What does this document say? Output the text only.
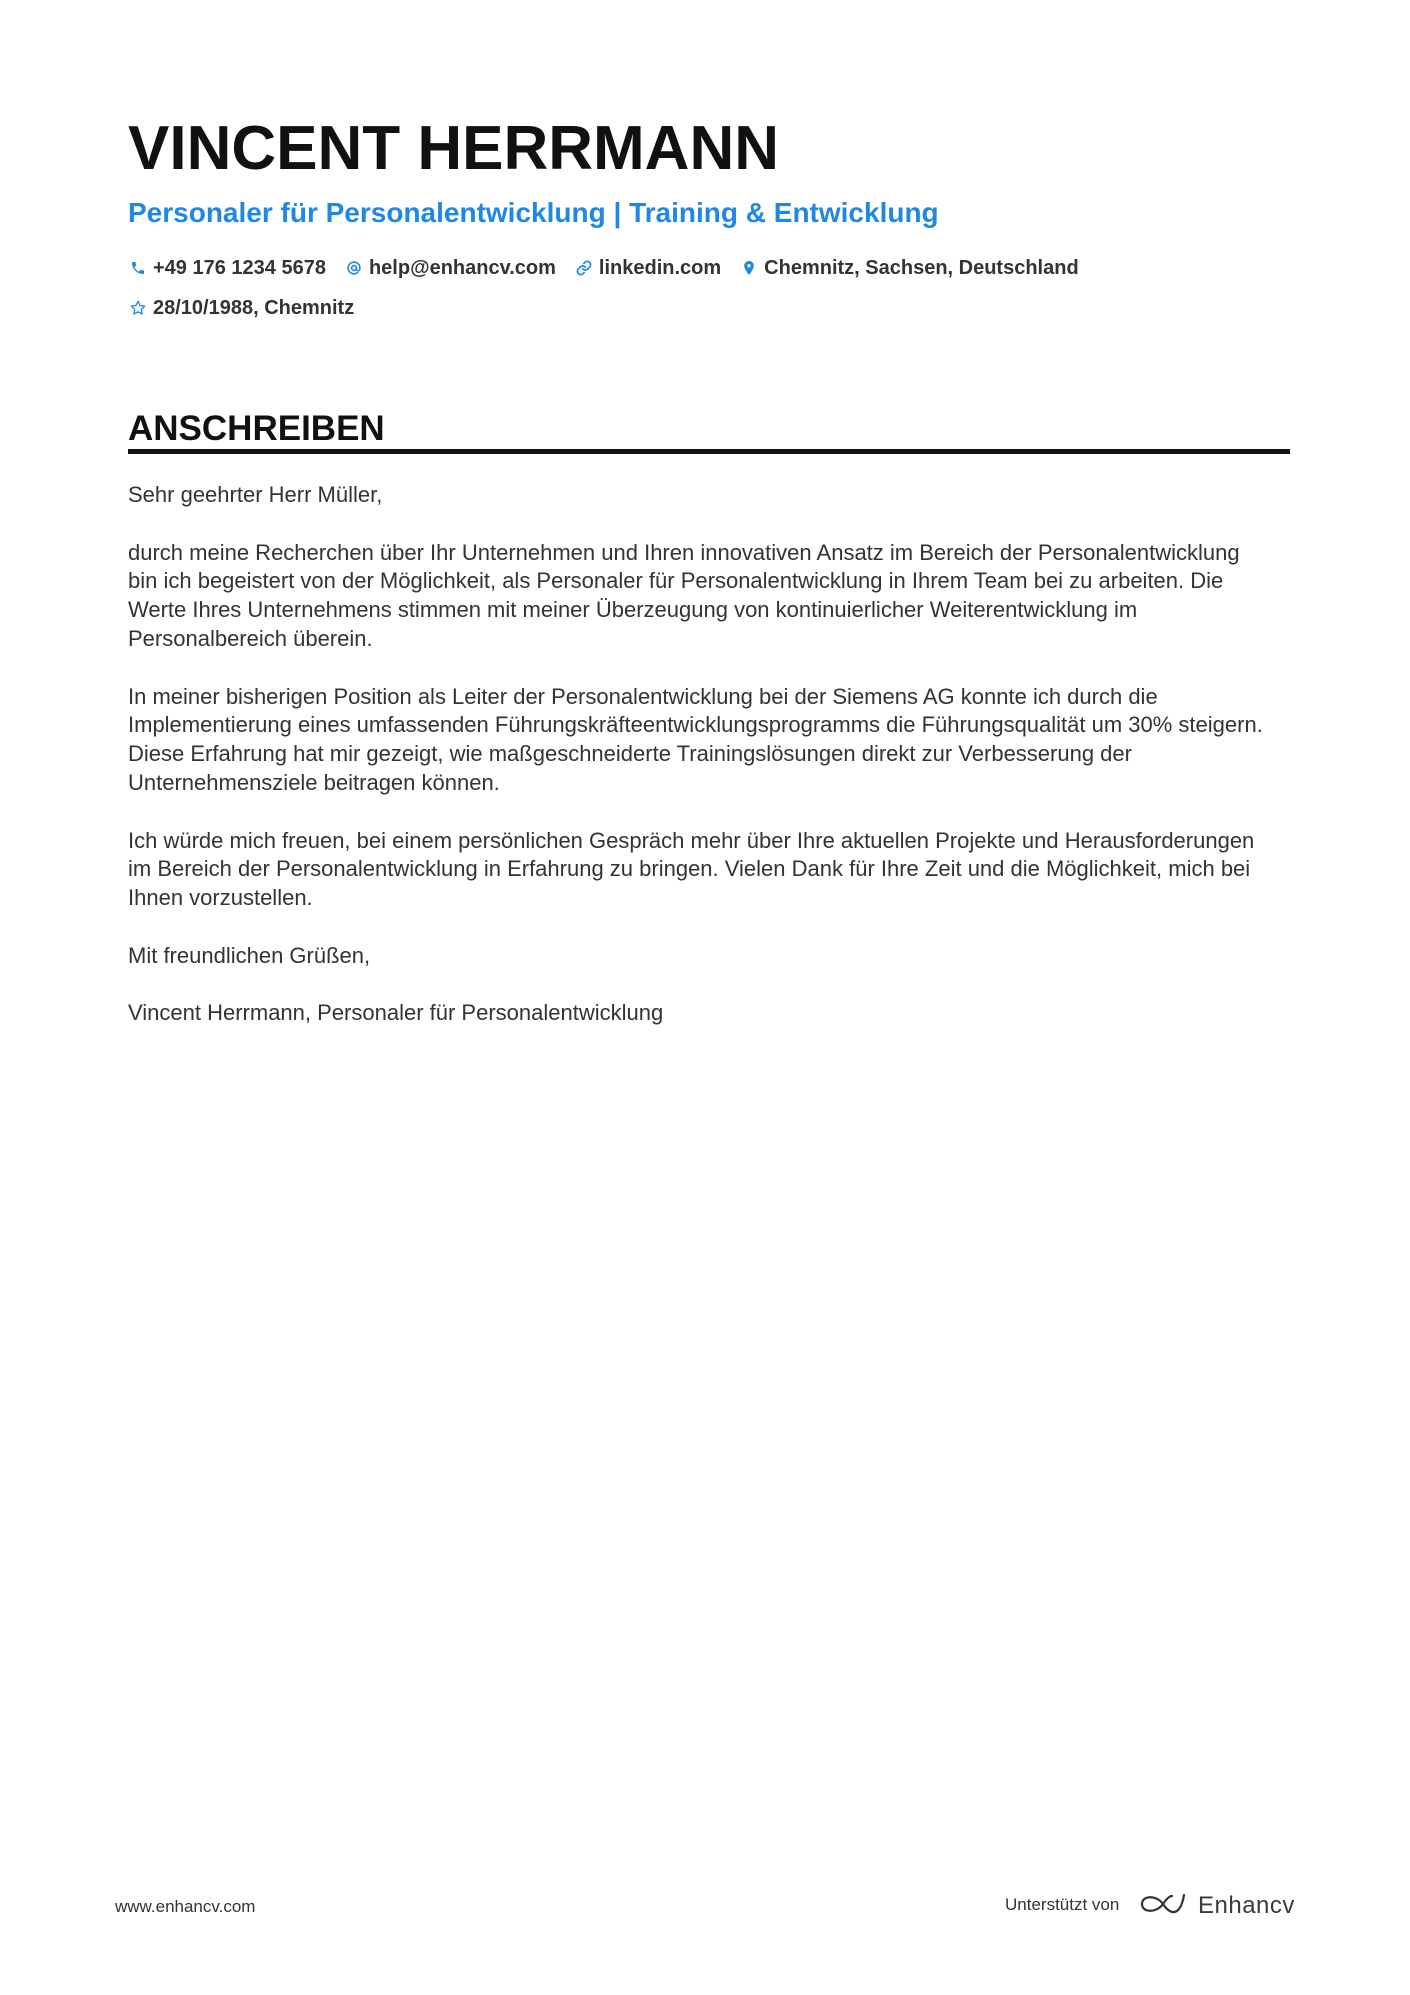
VINCENT HERRMANN
Personaler für Personalentwicklung | Training & Entwicklung
+49 176 1234 5678 help@enhancv.com linkedin.com Chemnitz, Sachsen, Deutschland
28/10/1988, Chemnitz
ANSCHREIBEN
Sehr geehrter Herr Müller,
durch meine Recherchen über Ihr Unternehmen und Ihren innovativen Ansatz im Bereich der Personalentwicklung
bin ich begeistert von der Möglichkeit, als Personaler für Personalentwicklung in Ihrem Team bei zu arbeiten. Die
Werte Ihres Unternehmens stimmen mit meiner Überzeugung von kontinuierlicher Weiterentwicklung im
Personalbereich überein.
In meiner bisherigen Position als Leiter der Personalentwicklung bei der Siemens AG konnte ich durch die
Implementierung eines umfassenden Führungskräfteentwicklungsprogramms die Führungsqualität um 30% steigern.
Diese Erfahrung hat mir gezeigt, wie maßgeschneiderte Trainingslösungen direkt zur Verbesserung der
Unternehmensziele beitragen können.
Ich würde mich freuen, bei einem persönlichen Gespräch mehr über Ihre aktuellen Projekte und Herausforderungen
im Bereich der Personalentwicklung in Erfahrung zu bringen. Vielen Dank für Ihre Zeit und die Möglichkeit, mich bei
Ihnen vorzustellen.
Mit freundlichen Grüßen,
Vincent Herrmann, Personaler für Personalentwicklung
www.enhancv.com	Unterstützt von	Enhancv
